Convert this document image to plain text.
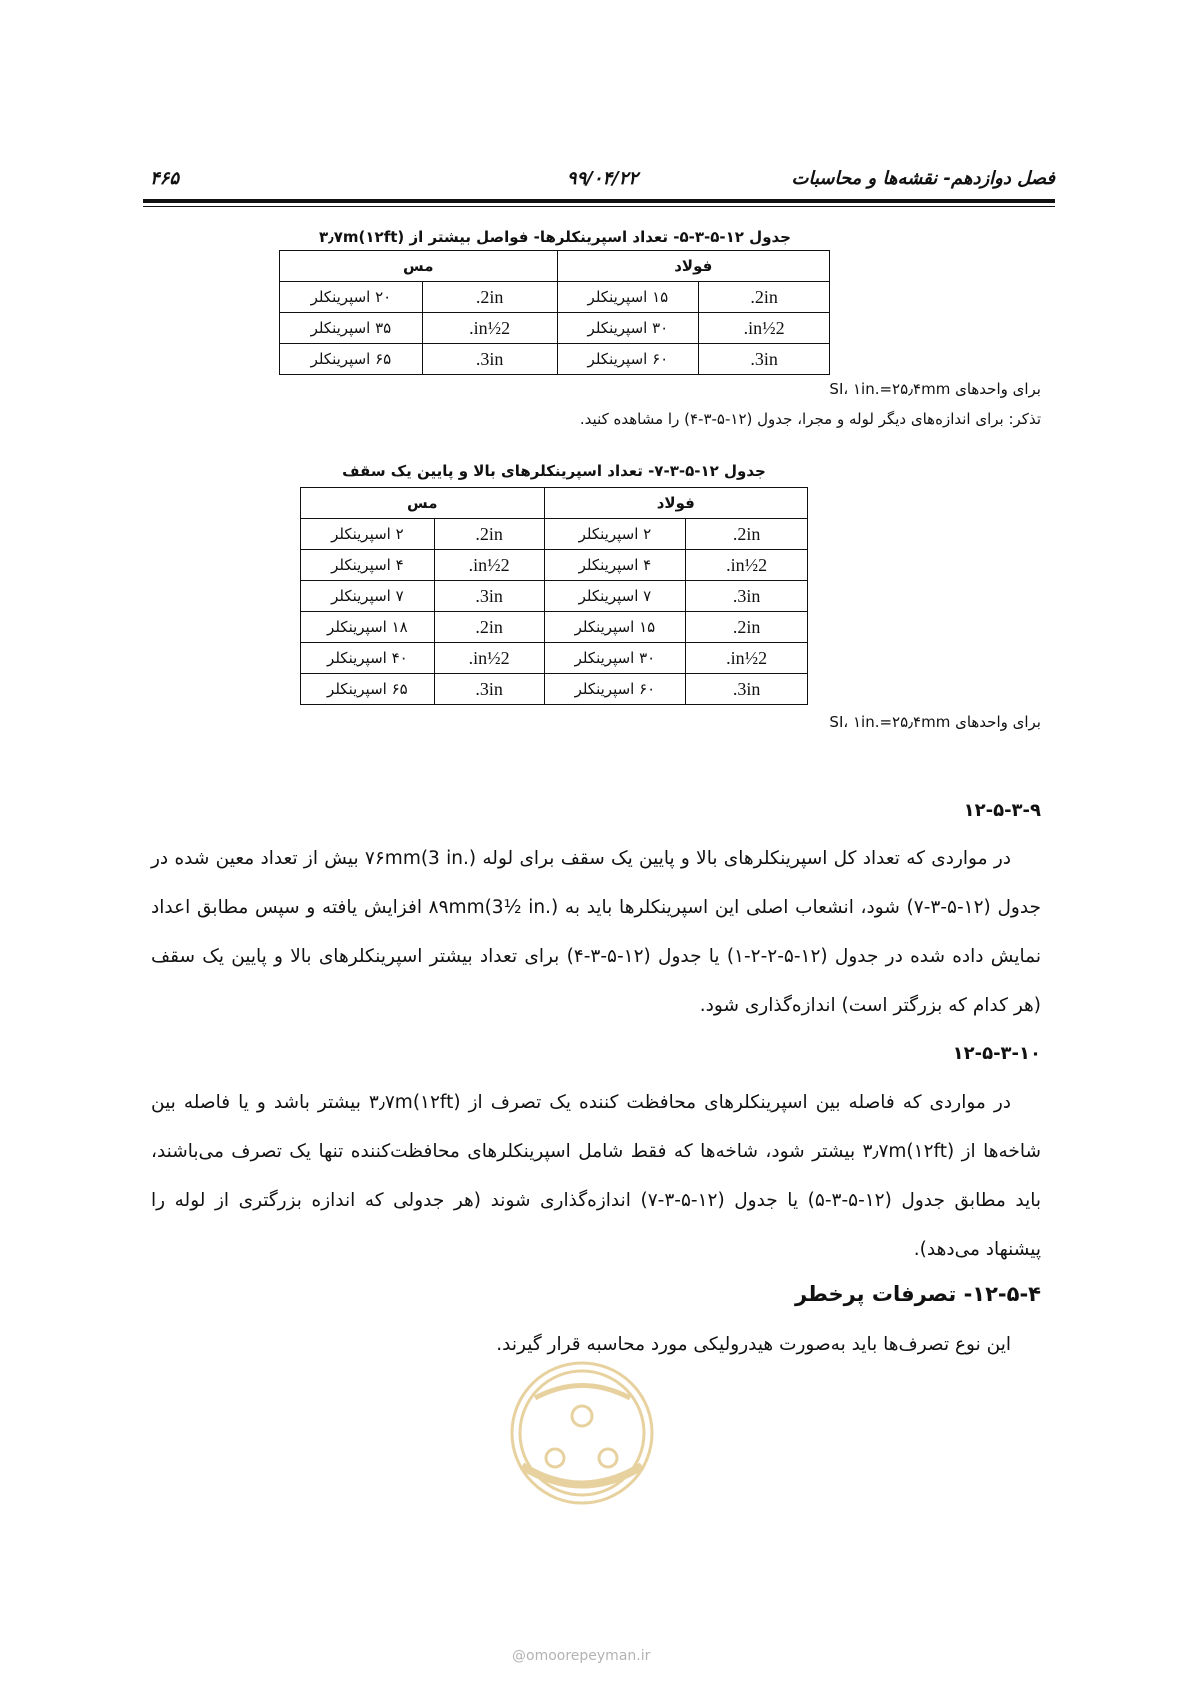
فصل دوازدهم- نقشه‌ها و محاسبات
۹۹/۰۴/۲۲
۴۶۵
جدول ۱۲-۵-۳-۵- تعداد اسپرینکلرها- فواصل بیشتر از ۳٫۷m(۱۲ft)
فولاد		مس	
2in.	۱۵ اسپرینکلر	2in.	۲۰ اسپرینکلر
2½in.	۳۰ اسپرینکلر	2½in.	۳۵ اسپرینکلر
3in.	۶۰ اسپرینکلر	3in.	۶۵ اسپرینکلر
برای واحدهای SI، ۱in.=۲۵٫۴mm
تذکر: برای اندازه‌های دیگر لوله و مجرا، جدول (۱۲-۵-۳-۴) را مشاهده کنید.
جدول ۱۲-۵-۳-۷- تعداد اسپرینکلرهای بالا و پایین یک سقف
فولاد		مس	
2in.	۲ اسپرینکلر	2in.	۲ اسپرینکلر
2½in.	۴ اسپرینکلر	2½in.	۴ اسپرینکلر
3in.	۷ اسپرینکلر	3in.	۷ اسپرینکلر
2in.	۱۵ اسپرینکلر	2in.	۱۸ اسپرینکلر
2½in.	۳۰ اسپرینکلر	2½in.	۴۰ اسپرینکلر
3in.	۶۰ اسپرینکلر	3in.	۶۵ اسپرینکلر
برای واحدهای SI، ۱in.=۲۵٫۴mm
۱۲-۵-۳-۹
در مواردی که تعداد کل اسپرینکلرهای بالا و پایین یک سقف برای لوله ۷۶mm(3 in.) بیش از تعداد معین شده در جدول (۱۲-۵-۳-۷) شود، انشعاب اصلی این اسپرینکلرها باید به ۸۹mm(3½ in.) افزایش یافته و سپس مطابق اعداد نمایش داده شده در جدول (۱۲-۵-۲-۲-۱) یا جدول (۱۲-۵-۳-۴) برای تعداد بیشتر اسپرینکلرهای بالا و پایین یک سقف (هر کدام که بزرگتر است) اندازه‌گذاری شود.
۱۲-۵-۳-۱۰
در مواردی که فاصله بین اسپرینکلرهای محافظت کننده یک تصرف از ۳٫۷m(۱۲ft) بیشتر باشد و یا فاصله بین شاخه‌ها از ۳٫۷m(۱۲ft) بیشتر شود، شاخه‌ها که فقط شامل اسپرینکلرهای محافظت‌کننده تنها یک تصرف می‌باشند، باید مطابق جدول (۱۲-۵-۳-۵) یا جدول (۱۲-۵-۳-۷) اندازه‌گذاری شوند (هر جدولی که اندازه بزرگتری از لوله را پیشنهاد می‌دهد).
۱۲-۵-۴- تصرفات پرخطر
این نوع تصرف‌ها باید به‌صورت هیدرولیکی مورد محاسبه قرار گیرند.
@omoorepeyman.ir
